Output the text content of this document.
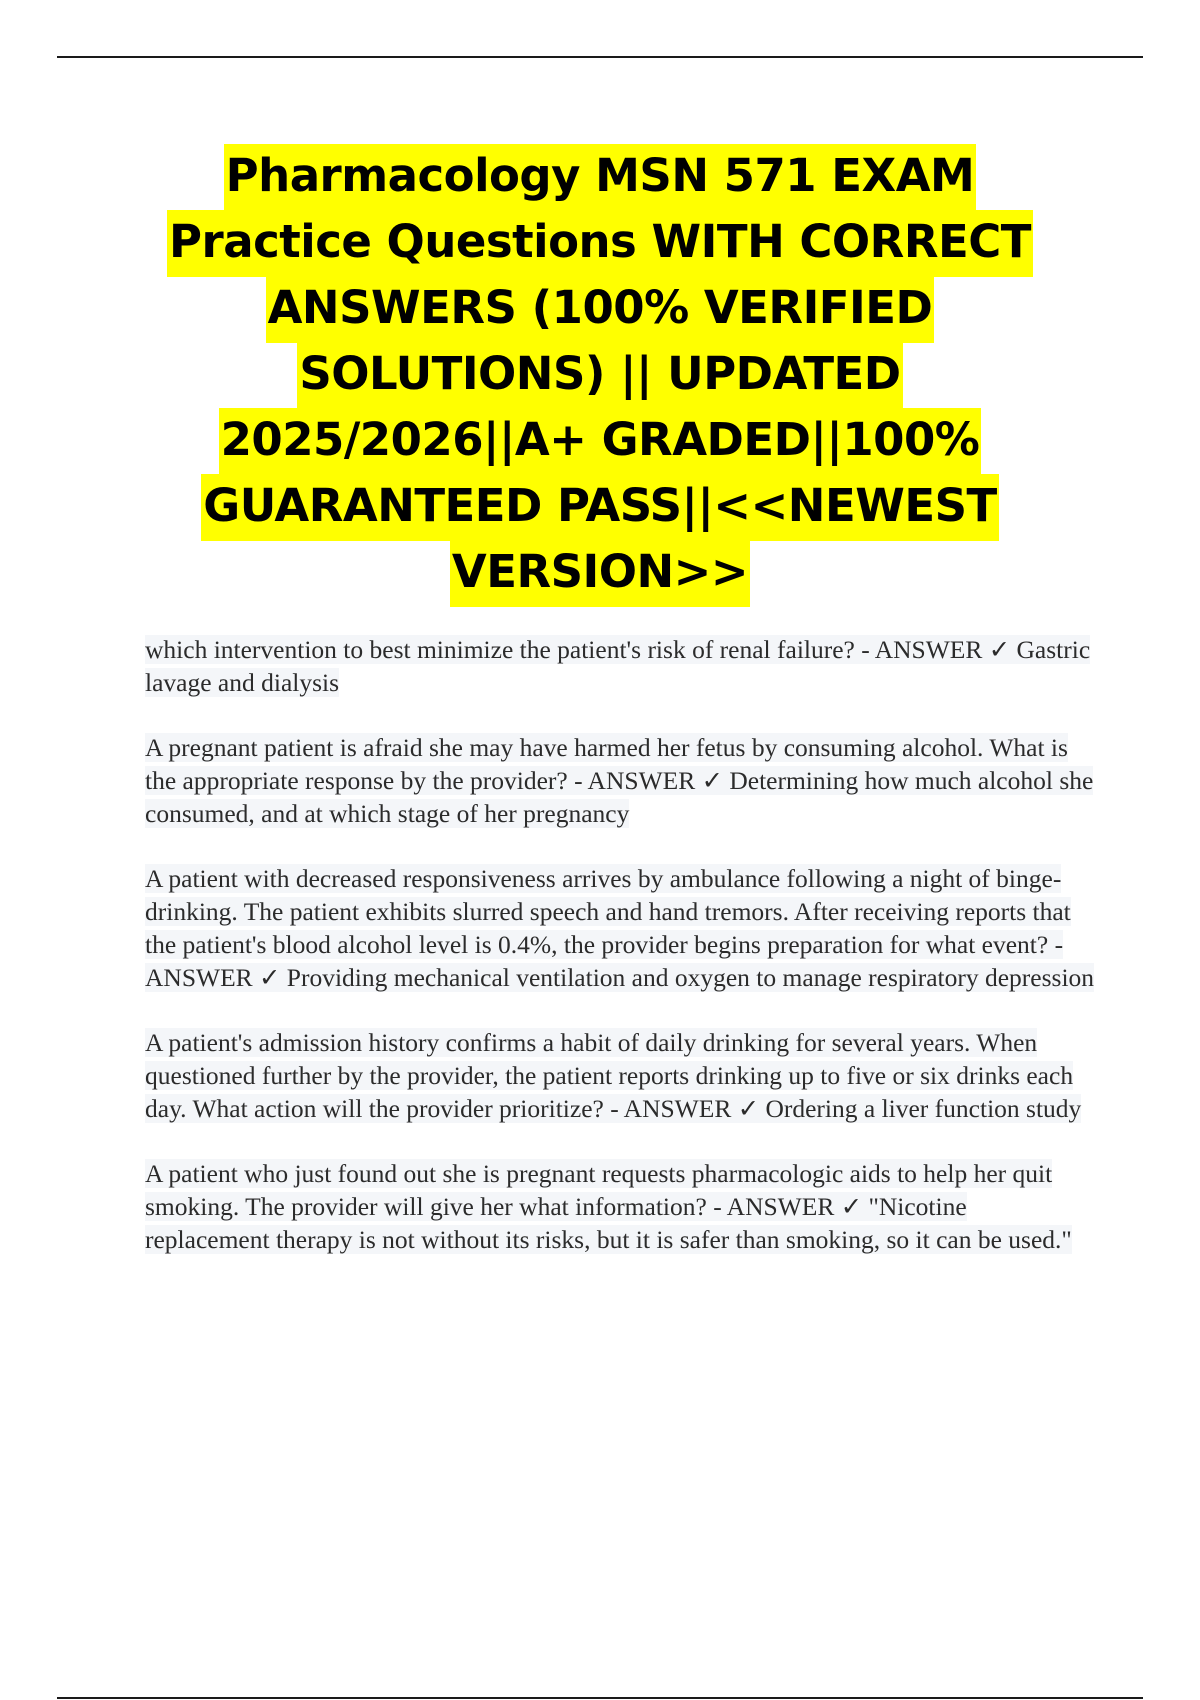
Pharmacology MSN 571 EXAM Practice Questions WITH CORRECT ANSWERS (100% VERIFIED SOLUTIONS) || UPDATED 2025/2026||A+ GRADED||100% GUARANTEED PASS||<<NEWEST VERSION>>

which intervention to best minimize the patient's risk of renal failure? - ANSWER ✓ Gastric lavage and dialysis

A pregnant patient is afraid she may have harmed her fetus by consuming alcohol. What is the appropriate response by the provider? - ANSWER ✓ Determining how much alcohol she consumed, and at which stage of her pregnancy

A patient with decreased responsiveness arrives by ambulance following a night of binge-drinking. The patient exhibits slurred speech and hand tremors. After receiving reports that the patient's blood alcohol level is 0.4%, the provider begins preparation for what event? - ANSWER ✓ Providing mechanical ventilation and oxygen to manage respiratory depression

A patient's admission history confirms a habit of daily drinking for several years. When questioned further by the provider, the patient reports drinking up to five or six drinks each day. What action will the provider prioritize? - ANSWER ✓ Ordering a liver function study

A patient who just found out she is pregnant requests pharmacologic aids to help her quit smoking. The provider will give her what information? - ANSWER ✓ "Nicotine replacement therapy is not without its risks, but it is safer than smoking, so it can be used."
